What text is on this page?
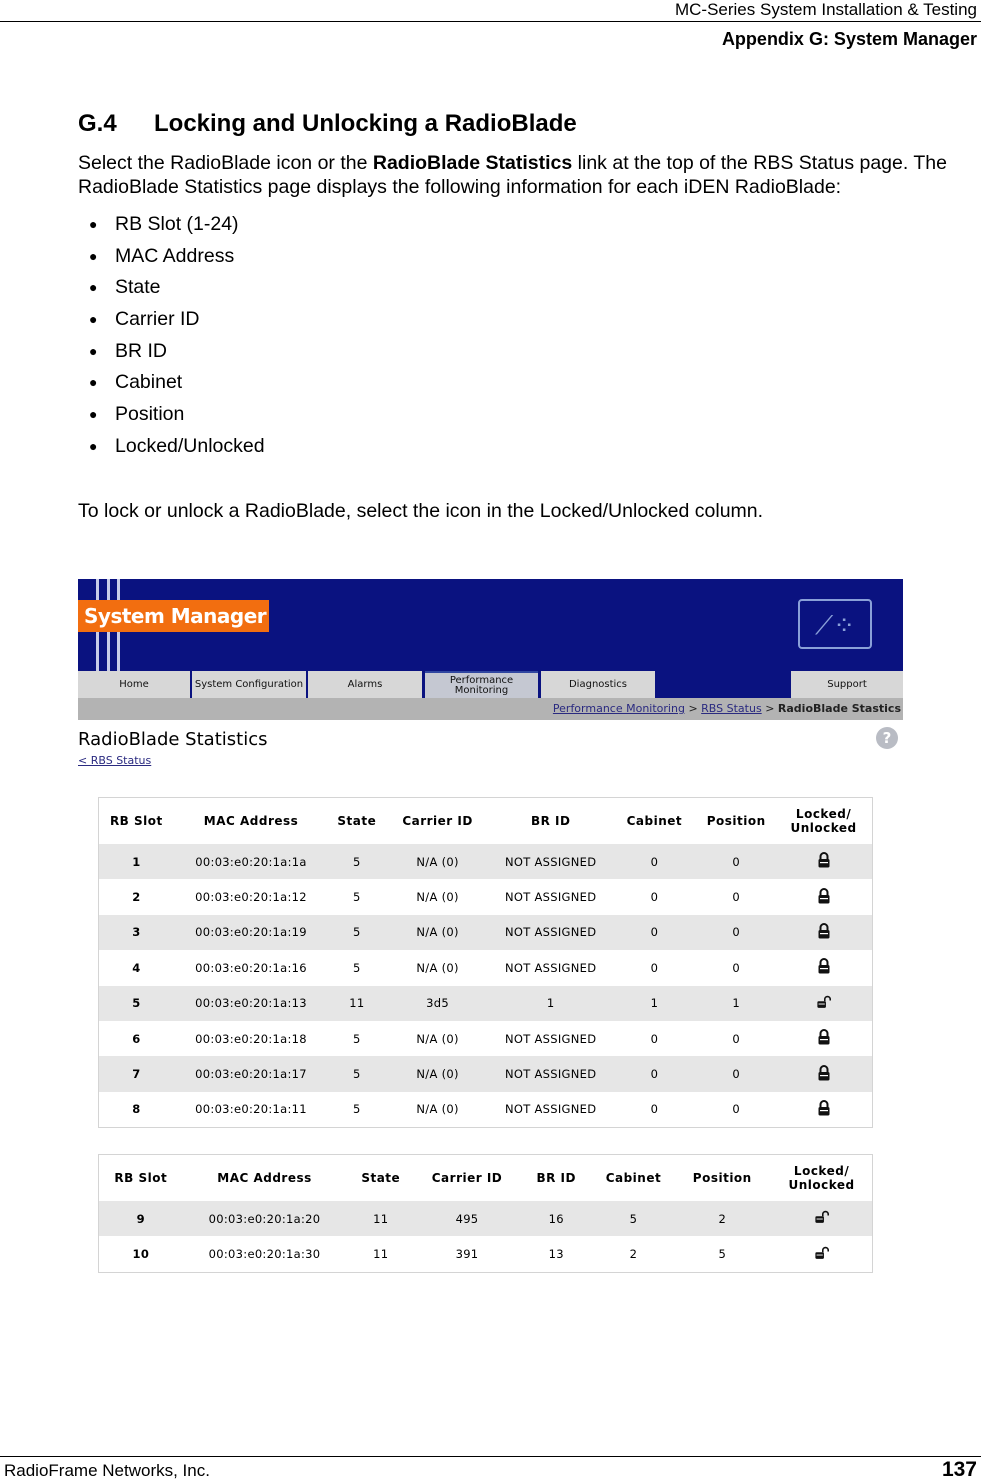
MC-Series System Installation & Testing
Appendix G: System Manager
G.4 Locking and Unlocking a RadioBlade
Select the RadioBlade icon or the RadioBlade Statistics link at the top of the RBS Status page. The RadioBlade Statistics page displays the following information for each iDEN RadioBlade:
● RB Slot (1-24)
● MAC Address
● State
● Carrier ID
● BR ID
● Cabinet
● Position
● Locked/Unlocked
To lock or unlock a RadioBlade, select the icon in the Locked/Unlocked column.
System Manager	⟋⁘
Home	System Configuration	Alarms	Performance
Monitoring
Diagnostics	Support
Performance Monitoring > RBS Status > RadioBlade Stastics
RadioBlade Statistics	?
< RBS Status
RB Slot	MAC Address	State	Carrier ID	BR ID	Cabinet	Position	Locked/
Unlocked
1	00:03:e0:20:1a:1a	5	N/A (0)	NOT ASSIGNED	0	0	
2	00:03:e0:20:1a:12	5	N/A (0)	NOT ASSIGNED	0	0	
3	00:03:e0:20:1a:19	5	N/A (0)	NOT ASSIGNED	0	0	
4	00:03:e0:20:1a:16	5	N/A (0)	NOT ASSIGNED	0	0	
5	00:03:e0:20:1a:13	11	3d5	1	1	1	
6	00:03:e0:20:1a:18	5	N/A (0)	NOT ASSIGNED	0	0	
7	00:03:e0:20:1a:17	5	N/A (0)	NOT ASSIGNED	0	0	
8	00:03:e0:20:1a:11	5	N/A (0)	NOT ASSIGNED	0	0	
RB Slot	MAC Address	State	Carrier ID	BR ID	Cabinet	Position	Locked/
Unlocked
9	00:03:e0:20:1a:20	11	495	16	5	2	
10	00:03:e0:20:1a:30	11	391	13	2	5	
RadioFrame Networks, Inc.	137
